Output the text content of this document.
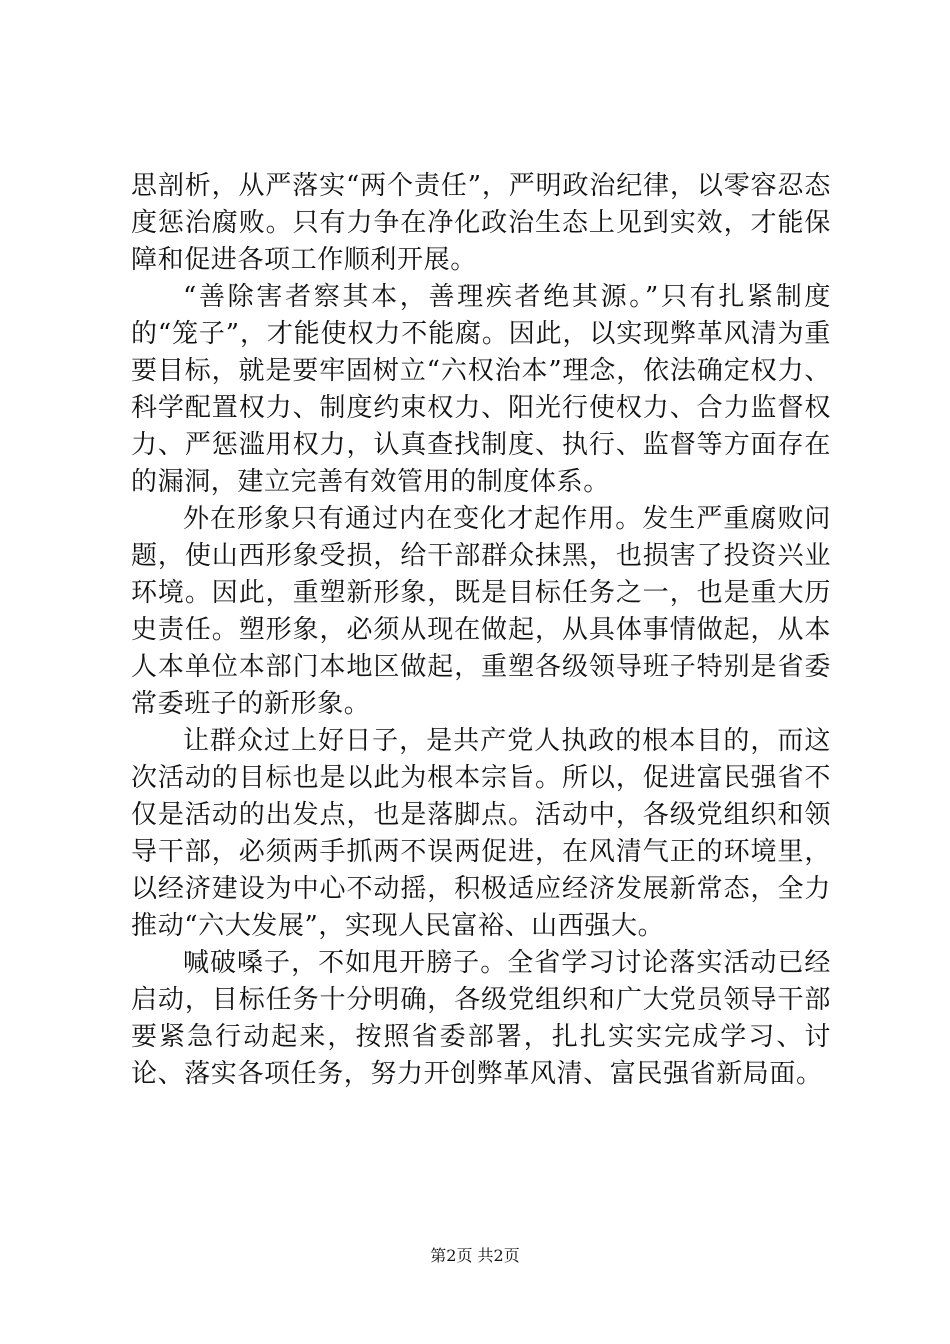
思剖析，从严落实“两个责任”，严明政治纪律，以零容忍态度惩治腐败。只有力争在净化政治生态上见到实效，才能保障和促进各项工作顺利开展。

“善除害者察其本，善理疾者绝其源。”只有扎紧制度的“笼子”，才能使权力不能腐。因此，以实现弊革风清为重要目标，就是要牢固树立“六权治本”理念，依法确定权力、科学配置权力、制度约束权力、阳光行使权力、合力监督权力、严惩滥用权力，认真查找制度、执行、监督等方面存在的漏洞，建立完善有效管用的制度体系。

外在形象只有通过内在变化才起作用。发生严重腐败问题，使山西形象受损，给干部群众抹黑，也损害了投资兴业环境。因此，重塑新形象，既是目标任务之一，也是重大历史责任。塑形象，必须从现在做起，从具体事情做起，从本人本单位本部门本地区做起，重塑各级领导班子特别是省委常委班子的新形象。

让群众过上好日子，是共产党人执政的根本目的，而这次活动的目标也是以此为根本宗旨。所以，促进富民强省不仅是活动的出发点，也是落脚点。活动中，各级党组织和领导干部，必须两手抓两不误两促进，在风清气正的环境里，以经济建设为中心不动摇，积极适应经济发展新常态，全力推动“六大发展”，实现人民富裕、山西强大。

喊破嗓子，不如甩开膀子。全省学习讨论落实活动已经启动，目标任务十分明确，各级党组织和广大党员领导干部要紧急行动起来，按照省委部署，扎扎实实完成学习、讨论、落实各项任务，努力开创弊革风清、富民强省新局面。

第2页 共2页
